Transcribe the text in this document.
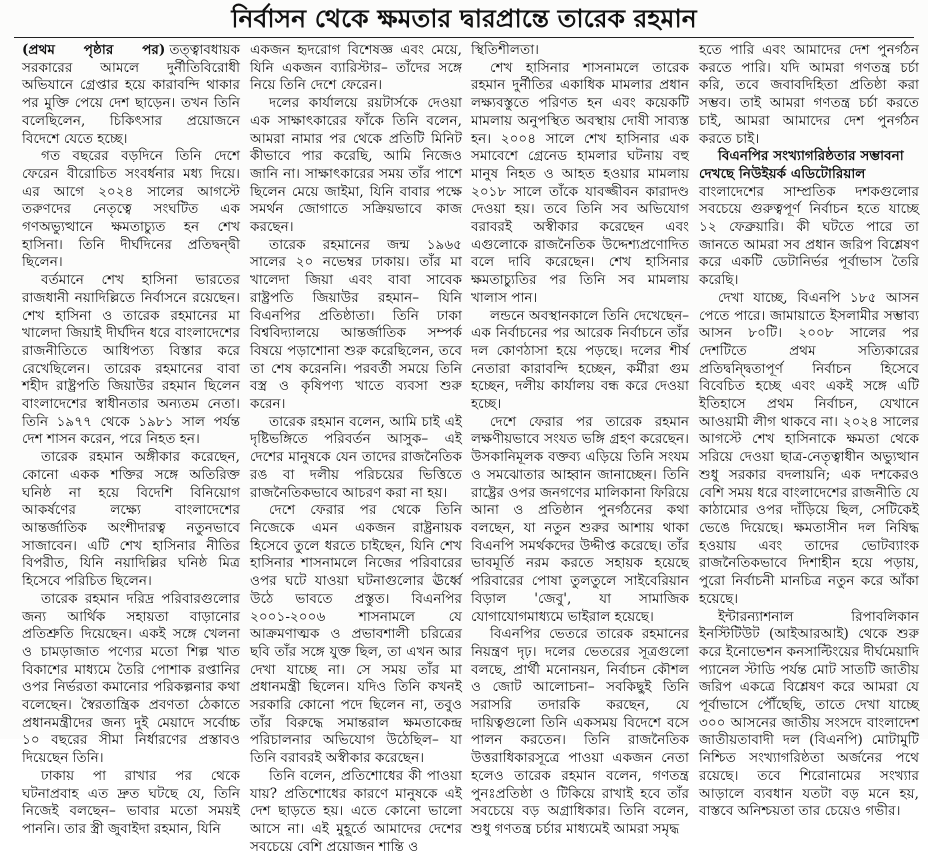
নির্বাসন থেকে ক্ষমতার দ্বারপ্রান্তে তারেক রহমান

(প্রথম পৃষ্ঠার পর) তত্ত্বাবধায়ক সরকারের আমলে দুর্নীতিবিরোধী অভিযানে গ্রেপ্তার হয়ে কারাবন্দি থাকার পর মুক্তি পেয়ে দেশ ছাড়েন। তখন তিনি বলেছিলেন, চিকিৎসার প্রয়োজনে বিদেশে যেতে হচ্ছে।

গত বছরের বড়দিনে তিনি দেশে ফেরেন বীরোচিত সংবর্ধনার মধ্য দিয়ে। এর আগে ২০২৪ সালের আগস্টে তরুণদের নেতৃত্বে সংঘটিত এক গণঅভ্যুত্থানে ক্ষমতাচ্যুত হন শেখ হাসিনা। তিনি দীর্ঘদিনের প্রতিদ্বন্দ্বী ছিলেন।

বর্তমানে শেখ হাসিনা ভারতের রাজধানী নয়াদিল্লিতে নির্বাসনে রয়েছেন। শেখ হাসিনা ও তারেক রহমানের মা খালেদা জিয়াই দীর্ঘদিন ধরে বাংলাদেশের রাজনীতিতে আধিপত্য বিস্তার করে রেখেছিলেন। তারেক রহমানের বাবা শহীদ রাষ্ট্রপতি জিয়াউর রহমান ছিলেন বাংলাদেশের স্বাধীনতার অন্যতম নেতা। তিনি ১৯৭৭ থেকে ১৯৮১ সাল পর্যন্ত দেশ শাসন করেন, পরে নিহত হন।

তারেক রহমান অঙ্গীকার করেছেন, কোনো একক শক্তির সঙ্গে অতিরিক্ত ঘনিষ্ঠ না হয়ে বিদেশি বিনিয়োগ আকর্ষণের লক্ষ্যে বাংলাদেশের আন্তর্জাতিক অংশীদারত্ব নতুনভাবে সাজাবেন। এটি শেখ হাসিনার নীতির বিপরীত, যিনি নয়াদিল্লির ঘনিষ্ঠ মিত্র হিসেবে পরিচিত ছিলেন।

তারেক রহমান দরিদ্র পরিবারগুলোর জন্য আর্থিক সহায়তা বাড়ানোর প্রতিশ্রুতি দিয়েছেন। একই সঙ্গে খেলনা ও চামড়াজাত পণ্যের মতো শিল্প খাত বিকাশের মাধ্যমে তৈরি পোশাক রপ্তানির ওপর নির্ভরতা কমানোর পরিকল্পনার কথা বলেছেন। স্বৈরতান্ত্রিক প্রবণতা ঠেকাতে প্রধানমন্ত্রীদের জন্য দুই মেয়াদে সর্বোচ্চ ১০ বছরের সীমা নির্ধারণের প্রস্তাবও দিয়েছেন তিনি।

ঢাকায় পা রাখার পর থেকে ঘটনাপ্রবাহ এত দ্রুত ঘটছে যে, তিনি নিজেই বলছেন– ভাবার মতো সময়ই পাননি। তার স্ত্রী জুবাইদা রহমান, যিনি

একজন হৃদরোগ বিশেষজ্ঞ এবং মেয়ে, যিনি একজন ব্যারিস্টার– তাঁদের সঙ্গে নিয়ে তিনি দেশে ফেরেন।

দলের কার্যালয়ে রয়টার্সকে দেওয়া এক সাক্ষাৎকারের ফাঁকে তিনি বলেন, আমরা নামার পর থেকে প্রতিটি মিনিট কীভাবে পার করেছি, আমি নিজেও জানি না। সাক্ষাৎকারের সময় তাঁর পাশে ছিলেন মেয়ে জাইমা, যিনি বাবার পক্ষে সমর্থন জোগাতে সক্রিয়ভাবে কাজ করছেন।

তারেক রহমানের জন্ম ১৯৬৫ সালের ২০ নভেম্বর ঢাকায়। তাঁর মা খালেদা জিয়া এবং বাবা সাবেক রাষ্ট্রপতি জিয়াউর রহমান– যিনি বিএনপির প্রতিষ্ঠাতা। তিনি ঢাকা বিশ্ববিদ্যালয়ে আন্তর্জাতিক সম্পর্ক বিষয়ে পড়াশোনা শুরু করেছিলেন, তবে তা শেষ করেননি। পরবর্তী সময়ে তিনি বস্ত্র ও কৃষিপণ্য খাতে ব্যবসা শুরু করেন।

তারেক রহমান বলেন, আমি চাই এই দৃষ্টিভঙ্গিতে পরিবর্তন আসুক– এই দেশের মানুষকে যেন তাদের রাজনৈতিক রঙ বা দলীয় পরিচয়ের ভিত্তিতে রাজনৈতিকভাবে আচরণ করা না হয়।

দেশে ফেরার পর থেকে তিনি নিজেকে এমন একজন রাষ্ট্রনায়ক হিসেবে তুলে ধরতে চাইছেন, যিনি শেখ হাসিনার শাসনামলে নিজের পরিবারের ওপর ঘটে যাওয়া ঘটনাগুলোর ঊর্ধ্বে উঠে ভাবতে প্রস্তুত। বিএনপির ২০০১-২০০৬ শাসনামলে যে আক্রমণাত্মক ও প্রভাবশালী চরিত্রের ছবি তাঁর সঙ্গে যুক্ত ছিল, তা এখন আর দেখা যাচ্ছে না। সে সময় তাঁর মা প্রধানমন্ত্রী ছিলেন। যদিও তিনি কখনই সরকারি কোনো পদে ছিলেন না, তবুও তাঁর বিরুদ্ধে সমান্তরাল ক্ষমতাকেন্দ্র পরিচালনার অভিযোগ উঠেছিল– যা তিনি বরাবরই অস্বীকার করেছেন।

তিনি বলেন, প্রতিশোধের কী পাওয়া যায়? প্রতিশোধের কারণে মানুষকে এই দেশ ছাড়তে হয়। এতে কোনো ভালো আসে না। এই মুহূর্তে আমাদের দেশের সবচেয়ে বেশি প্রয়োজন শান্তি ও

স্থিতিশীলতা।

শেখ হাসিনার শাসনামলে তারেক রহমান দুর্নীতির একাধিক মামলার প্রধান লক্ষ্যবস্তুতে পরিণত হন এবং কয়েকটি মামলায় অনুপস্থিত অবস্থায় দোষী সাব্যস্ত হন। ২০০৪ সালে শেখ হাসিনার এক সমাবেশে গ্রেনেড হামলার ঘটনায় বহু মানুষ নিহত ও আহত হওয়ার মামলায় ২০১৮ সালে তাঁকে যাবজ্জীবন কারাদণ্ড দেওয়া হয়। তবে তিনি সব অভিযোগ বরাবরই অস্বীকার করেছেন এবং এগুলোকে রাজনৈতিক উদ্দেশ্যপ্রণোদিত বলে দাবি করেছেন। শেখ হাসিনার ক্ষমতাচ্যুতির পর তিনি সব মামলায় খালাস পান।

লন্ডনে অবস্থানকালে তিনি দেখেছেন– এক নির্বাচনের পর আরেক নির্বাচনে তাঁর দল কোণঠাসা হয়ে পড়ছে। দলের শীর্ষ নেতারা কারাবন্দি হচ্ছেন, কর্মীরা গুম হচ্ছেন, দলীয় কার্যালয় বন্ধ করে দেওয়া হচ্ছে।

দেশে ফেরার পর তারেক রহমান লক্ষণীয়ভাবে সংযত ভঙ্গি গ্রহণ করেছেন। উসকানিমূলক বক্তব্য এড়িয়ে তিনি সংযম ও সমঝোতার আহ্বান জানাচ্ছেন। তিনি রাষ্ট্রের ওপর জনগণের মালিকানা ফিরিয়ে আনা ও প্রতিষ্ঠান পুনর্গঠনের কথা বলছেন, যা নতুন শুরুর আশায় থাকা বিএনপি সমর্থকদের উদ্দীপ্ত করেছে। তাঁর ভাবমূর্তি নরম করতে সহায়ক হয়েছে পরিবারের পোষা তুলতুলে সাইবেরিয়ান বিড়াল 'জেবু', যা সামাজিক যোগাযোগমাধ্যমে ভাইরাল হয়েছে।

বিএনপির ভেতরে তারেক রহমানের নিয়ন্ত্রণ দৃঢ়। দলের ভেতরের সূত্রগুলো বলছে, প্রার্থী মনোনয়ন, নির্বাচন কৌশল ও জোট আলোচনা– সবকিছুই তিনি সরাসরি তদারকি করছেন, যে দায়িত্বগুলো তিনি একসময় বিদেশে বসে পালন করতেন। তিনি রাজনৈতিক উত্তরাধিকারসূত্রে পাওয়া একজন নেতা হলেও তারেক রহমান বলেন, গণতন্ত্র পুনঃপ্রতিষ্ঠা ও টিকিয়ে রাখাই হবে তাঁর সবচেয়ে বড় অগ্রাধিকার। তিনি বলেন, শুধু গণতন্ত্র চর্চার মাধ্যমেই আমরা সমৃদ্ধ

হতে পারি এবং আমাদের দেশ পুনর্গঠন করতে পারি। যদি আমরা গণতন্ত্র চর্চা করি, তবে জবাবদিহিতা প্রতিষ্ঠা করা সম্ভব। তাই আমরা গণতন্ত্র চর্চা করতে চাই, আমরা আমাদের দেশ পুনর্গঠন করতে চাই।

বিএনপির সংখ্যাগরিষ্ঠতার সম্ভাবনা দেখছে নিউইয়র্ক এডিটোরিয়াল

বাংলাদেশের সাম্প্রতিক দশকগুলোর সবচেয়ে গুরুত্বপূর্ণ নির্বাচন হতে যাচ্ছে ১২ ফেব্রুয়ারি। কী ঘটতে পারে তা জানতে আমরা সব প্রধান জরিপ বিশ্লেষণ করে একটি ডেটানির্ভর পূর্বাভাস তৈরি করেছি।

দেখা যাচ্ছে, বিএনপি ১৮৫ আসন পেতে পারে। জামায়াতে ইসলামীর সম্ভাব্য আসন ৮০টি। ২০০৮ সালের পর দেশটিতে প্রথম সত্যিকারের প্রতিদ্বন্দ্বিতাপূর্ণ নির্বাচন হিসেবে বিবেচিত হচ্ছে এবং একই সঙ্গে এটি ইতিহাসে প্রথম নির্বাচন, যেখানে আওয়ামী লীগ থাকবে না। ২০২৪ সালের আগস্টে শেখ হাসিনাকে ক্ষমতা থেকে সরিয়ে দেওয়া ছাত্র-নেতৃত্বাধীন অভ্যুত্থান শুধু সরকার বদলায়নি; এক দশকেরও বেশি সময় ধরে বাংলাদেশের রাজনীতি যে কাঠামোর ওপর দাঁড়িয়ে ছিল, সেটিকেই ভেঙে দিয়েছে। ক্ষমতাসীন দল নিষিদ্ধ হওয়ায় এবং তাদের ভোটব্যাংক রাজনৈতিকভাবে দিশাহীন হয়ে পড়ায়, পুরো নির্বাচনী মানচিত্র নতুন করে আঁকা হয়েছে।

ইন্টারন্যাশনাল রিপাবলিকান ইনস্টিটিউট (আইআরআই) থেকে শুরু করে ইনোভেশন কনসাল্টিংয়ের দীর্ঘমেয়াদি প্যানেল স্টাডি পর্যন্ত মোট সাতটি জাতীয় জরিপ একত্রে বিশ্লেষণ করে আমরা যে পূর্বাভাসে পৌঁছেছি, তাতে দেখা যাচ্ছে ৩০০ আসনের জাতীয় সংসদে বাংলাদেশ জাতীয়তাবাদী দল (বিএনপি) মোটামুটি নিশ্চিত সংখ্যাগরিষ্ঠতা অর্জনের পথে রয়েছে। তবে শিরোনামের সংখ্যার আড়ালে ব্যবধান যতটা বড় মনে হয়, বাস্তবে অনিশ্চয়তা তার চেয়েও গভীর।
